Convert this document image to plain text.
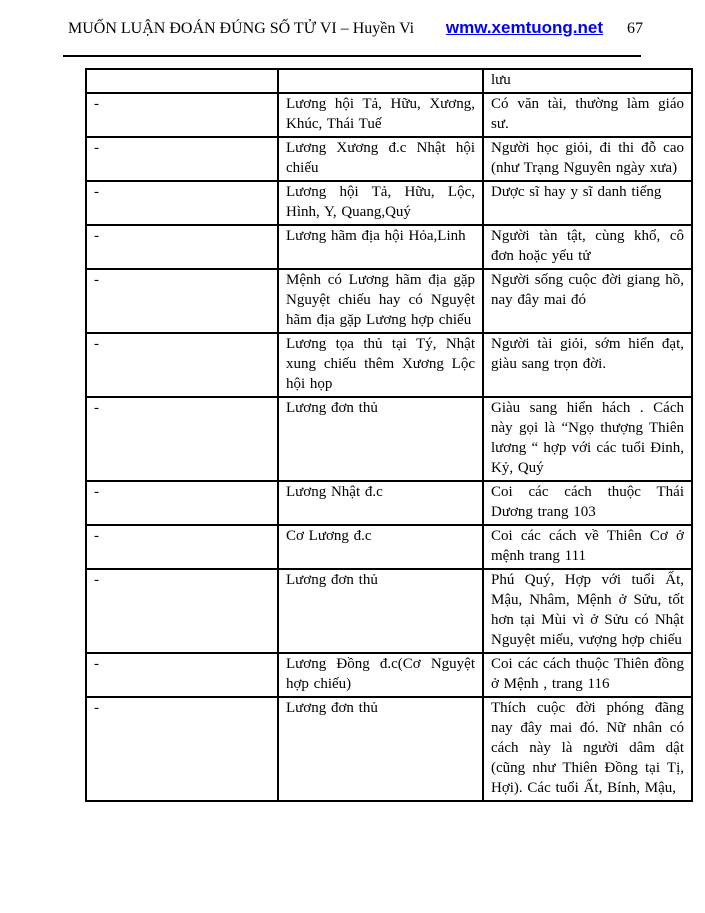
MUỐN LUẬN ĐOÁN ĐÚNG SỐ TỬ VI – Huyền Vi	wmw.xemtuong.net 67
		lưu
-	Lương hội Tả, Hữu, Xương, Khúc, Thái Tuế	Có văn tài, thường làm giáo sư.
-	Lương Xương đ.c Nhật hội chiếu	Người học giỏi, đi thi đỗ cao (như Trạng Nguyên ngày xưa)
-	Lương hội Tả, Hữu, Lộc, Hình, Y, Quang,Quý	Dược sĩ hay y sĩ danh tiếng
-	Lương hãm địa hội Hỏa,Linh	Người tàn tật, cùng khổ, cô đơn hoặc yểu tử
-	Mệnh có Lương hãm địa gặp Nguyệt chiếu hay có Nguyệt hãm địa gặp Lương hợp chiếu	Người sống cuộc đời giang hồ, nay đây mai đó
-	Lương tọa thủ tại Tý, Nhật xung chiếu thêm Xương Lộc hội họp	Người tài giỏi, sớm hiển đạt, giàu sang trọn đời.
-	Lương đơn thủ	Giàu sang hiển hách . Cách này gọi là “Ngọ thượng Thiên lương “ hợp với các tuổi Đinh, Kỷ, Quý
-	Lương Nhật đ.c	Coi các cách thuộc Thái Dương trang 103
-	Cơ Lương đ.c	Coi các cách về Thiên Cơ ở mệnh trang 111
-	Lương đơn thủ	Phú Quý, Hợp với tuổi Ất, Mậu, Nhâm, Mệnh ở Sửu, tốt hơn tại Mùi vì ở Sửu có Nhật Nguyệt miếu, vượng hợp chiếu
-	Lương Đồng đ.c(Cơ Nguyệt hợp chiếu)	Coi các cách thuộc Thiên đồng ở Mệnh , trang 116
-	Lương đơn thủ	Thích cuộc đời phóng đãng nay đây mai đó. Nữ nhân có cách này là người dâm dật (cũng như Thiên Đồng tại Tị, Hợi). Các tuổi Ất, Bính, Mậu,
